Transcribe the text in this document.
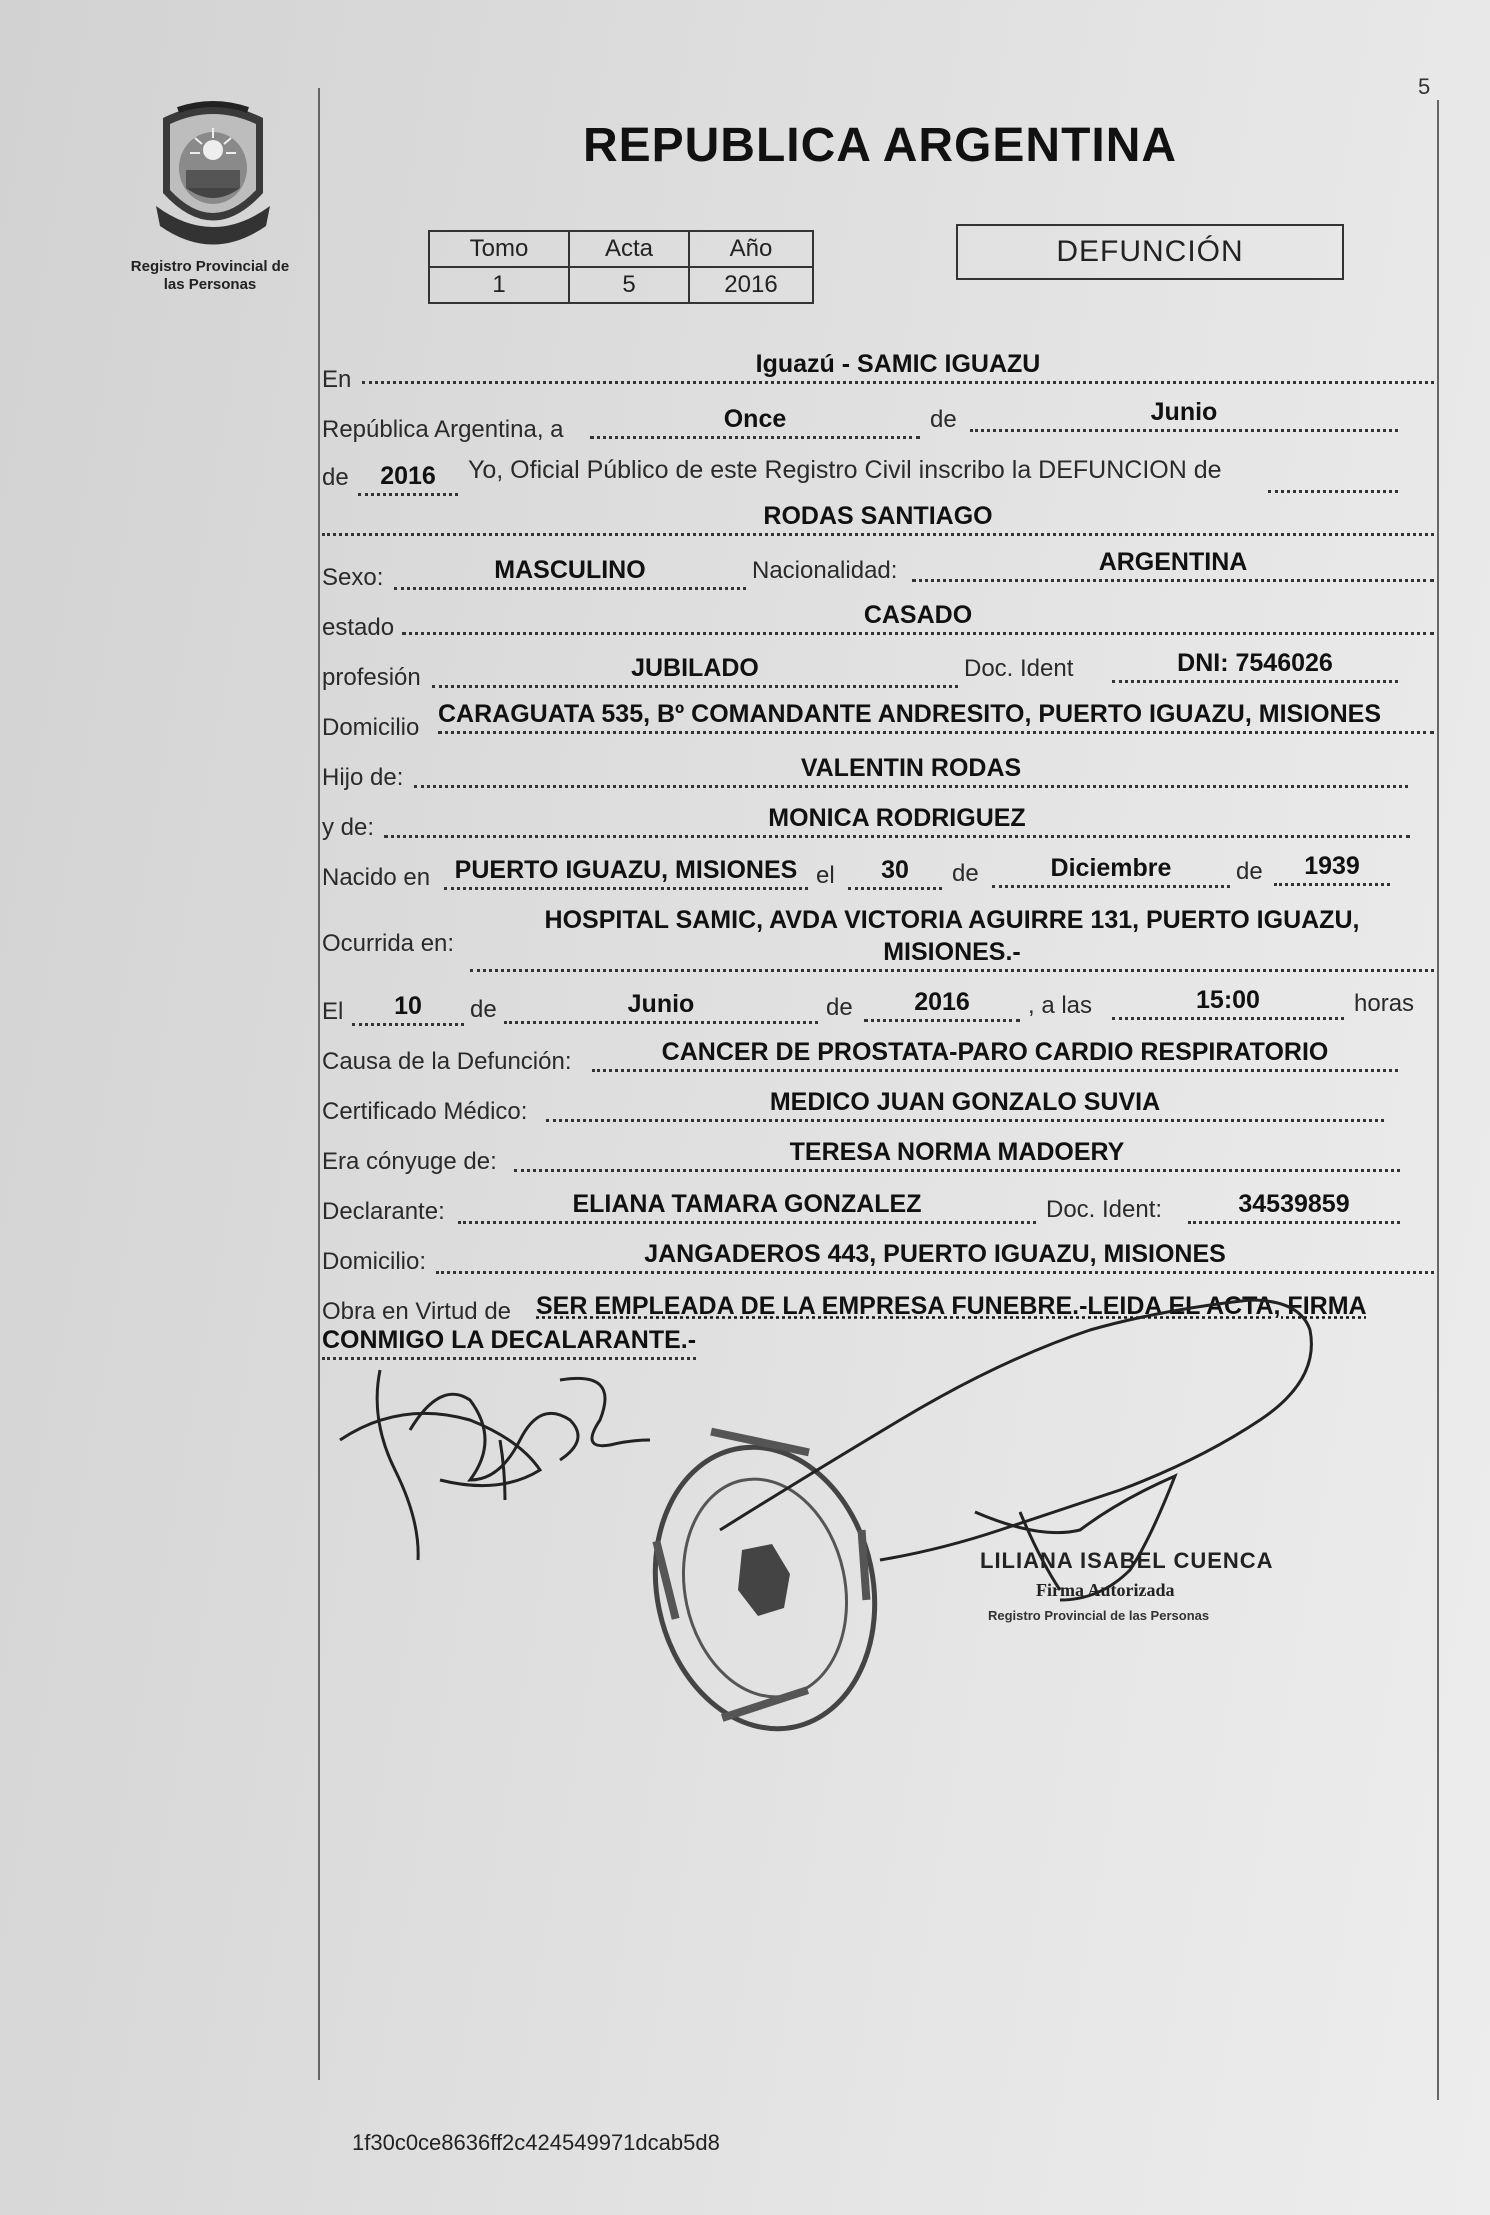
5
Registro Provincial de
las Personas
REPUBLICA ARGENTINA
Tomo	Acta	Año
1	5	2016
DEFUNCIÓN
En
Iguazú - SAMIC IGUAZU
República Argentina, a	Once	de	Junio
de	2016	Yo, Oficial Público de este Registro Civil inscribo la DEFUNCION de
RODAS SANTIAGO
Sexo:	MASCULINO	Nacionalidad:	ARGENTINA
estado	CASADO
profesión	JUBILADO	Doc. Ident	DNI: 7546026
Domicilio CARAGUATA 535, Bº COMANDANTE ANDRESITO, PUERTO IGUAZU, MISIONES
Hijo de:	VALENTIN RODAS
y de:	MONICA RODRIGUEZ
Nacido en PUERTO IGUAZU, MISIONES el	30	de	Diciembre	de	1939
Ocurrida en:
HOSPITAL SAMIC, AVDA VICTORIA AGUIRRE 131, PUERTO IGUAZU,
MISIONES.-
El	10	de	Junio	de	2016	, a las	15:00	horas
Causa de la Defunción:	CANCER DE PROSTATA-PARO CARDIO RESPIRATORIO
Certificado Médico:	MEDICO JUAN GONZALO SUVIA
Era cónyuge de:	TERESA NORMA MADOERY
Declarante:	ELIANA TAMARA GONZALEZ	Doc. Ident:	34539859
Domicilio:	JANGADEROS 443, PUERTO IGUAZU, MISIONES
Obra en Virtud de SER EMPLEADA DE LA EMPRESA FUNEBRE.-LEIDA EL ACTA, FIRMA
CONMIGO LA DECALARANTE.-
LILIANA ISABEL CUENCA
Firma Autorizada
Registro Provincial de las Personas
1f30c0ce8636ff2c424549971dcab5d8
